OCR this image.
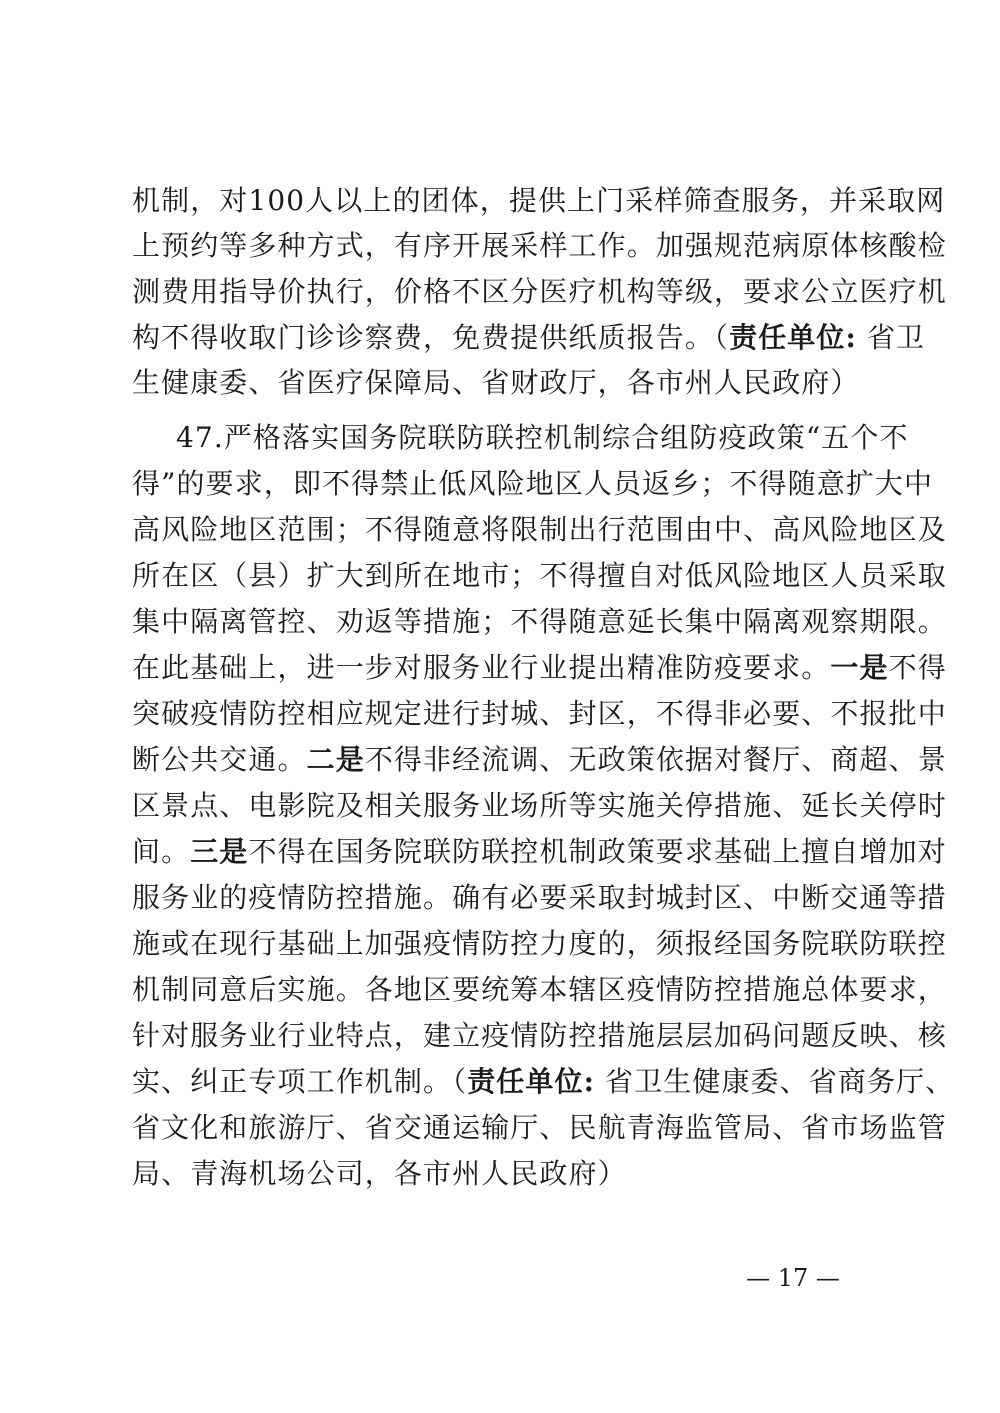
机制，对100人以上的团体，提供上门采样筛查服务，并采取网
上预约等多种方式，有序开展采样工作。加强规范病原体核酸检
测费用指导价执行，价格不区分医疗机构等级，要求公立医疗机
构不得收取门诊诊察费，免费提供纸质报告。（责任单位: 省卫
生健康委、省医疗保障局、省财政厅，各市州人民政府）
47.严格落实国务院联防联控机制综合组防疫政策“五个不
得”的要求，即不得禁止低风险地区人员返乡；不得随意扩大中
高风险地区范围；不得随意将限制出行范围由中、高风险地区及
所在区（县）扩大到所在地市；不得擅自对低风险地区人员采取
集中隔离管控、劝返等措施；不得随意延长集中隔离观察期限。
在此基础上，进一步对服务业行业提出精准防疫要求。一是不得
突破疫情防控相应规定进行封城、封区，不得非必要、不报批中
断公共交通。二是不得非经流调、无政策依据对餐厅、商超、景
区景点、电影院及相关服务业场所等实施关停措施、延长关停时
间。三是不得在国务院联防联控机制政策要求基础上擅自增加对
服务业的疫情防控措施。确有必要采取封城封区、中断交通等措
施或在现行基础上加强疫情防控力度的，须报经国务院联防联控
机制同意后实施。各地区要统筹本辖区疫情防控措施总体要求，
针对服务业行业特点，建立疫情防控措施层层加码问题反映、核
实、纠正专项工作机制。（责任单位: 省卫生健康委、省商务厅、
省文化和旅游厅、省交通运输厅、民航青海监管局、省市场监管
局、青海机场公司，各市州人民政府）
— 17 —
